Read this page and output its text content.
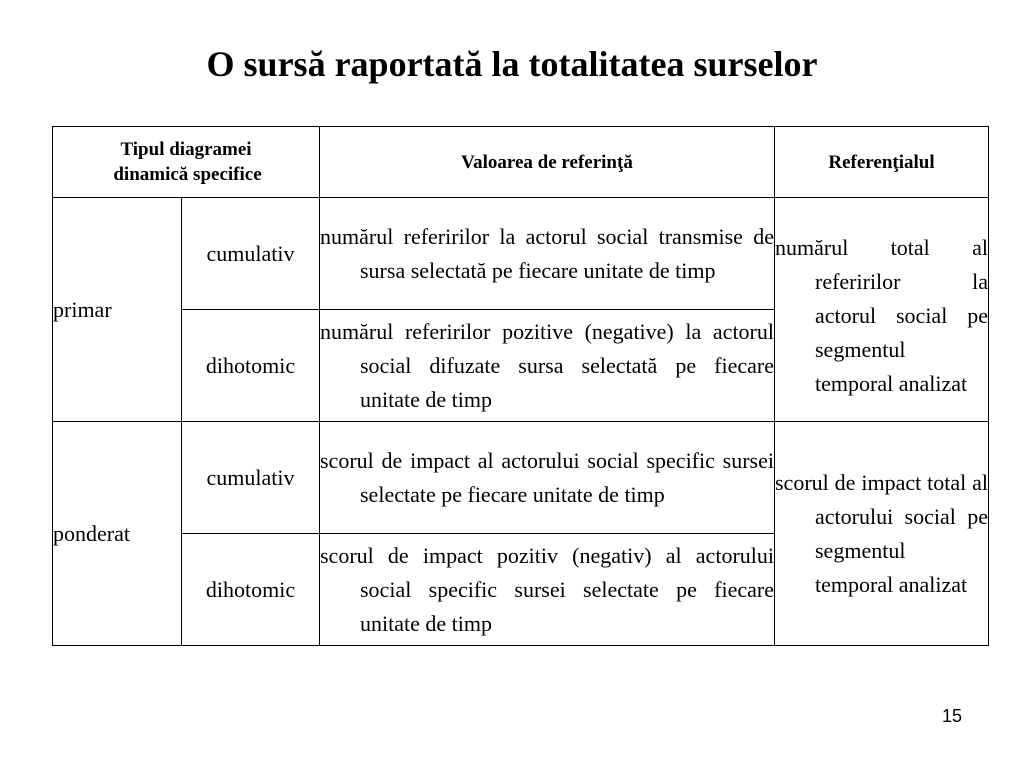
O sursă raportată la totalitatea surselor
Tipul diagramei
dinamică specifice		Valoarea de referinţă	Referenţialul
primar	cumulativ	numărul referirilor la actorul social transmise de sursa selectată pe fiecare unitate de timp	numărul total al referirilor la actorul social pe segmentul temporal analizat

	dihotomic	numărul referirilor pozitive (negative) la actorul social difuzate sursa selectată pe fiecare unitate de timp	

ponderat	cumulativ	scorul de impact al actorului social specific sursei selectate pe fiecare unitate de timp	scorul de impact total al actorului social pe segmentul temporal analizat

	dihotomic	scorul de impact pozitiv (negativ) al actorului social specific sursei selectate pe fiecare unitate de timp	
15
